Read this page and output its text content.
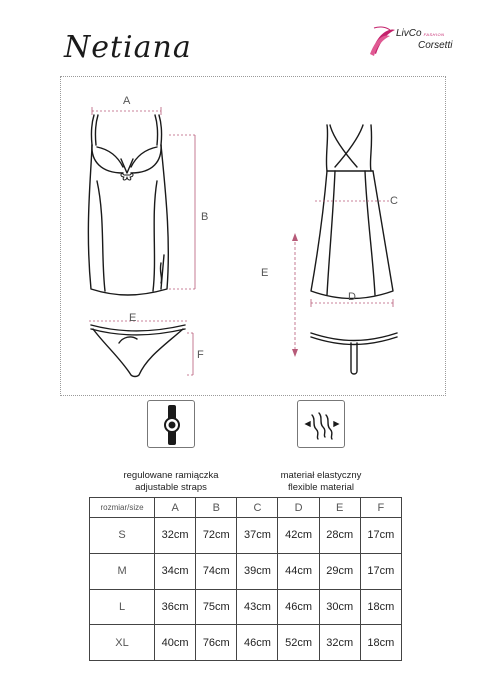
Netiana	LivCo FASHION
Corsetti
A
B
E
F
C
D
E
regulowane ramiączka
adjustable straps
materiał elastyczny
flexible material
rozmiar/size	A	B	C	D	E	F
S	32cm	72cm	37cm	42cm	28cm	17cm
M	34cm	74cm	39cm	44cm	29cm	17cm
L	36cm	75cm	43cm	46cm	30cm	18cm
XL	40cm	76cm	46cm	52cm	32cm	18cm
